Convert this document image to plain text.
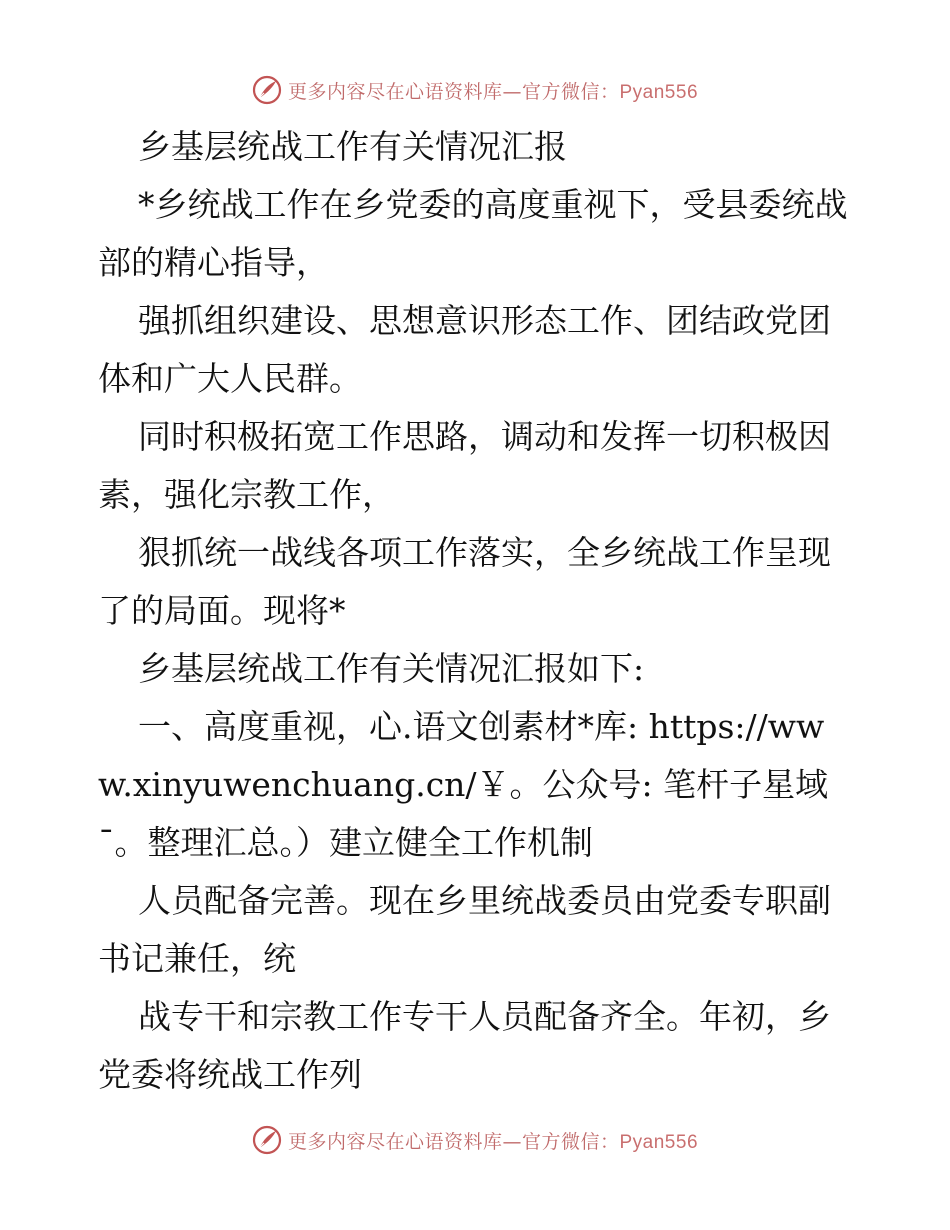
更多内容尽在心语资料库—官方微信：Pyan556

乡基层统战工作有关情况汇报

*乡统战工作在乡党委的高度重视下，受县委统战部的精心指导，

强抓组织建设、思想意识形态工作、团结政党团体和广大人民群。

同时积极拓宽工作思路，调动和发挥一切积极因素，强化宗教工作，

狠抓统一战线各项工作落实，全乡统战工作呈现了的局面。现将*

乡基层统战工作有关情况汇报如下:

一、高度重视，心.语文创素材*库: https://www.xinyuwenchuang.cn/￥。公众号: 笔杆子星域¯。整理汇总。）建立健全工作机制

人员配备完善。现在乡里统战委员由党委专职副书记兼任，统

战专干和宗教工作专干人员配备齐全。年初，乡党委将统战工作列

更多内容尽在心语资料库—官方微信：Pyan556
